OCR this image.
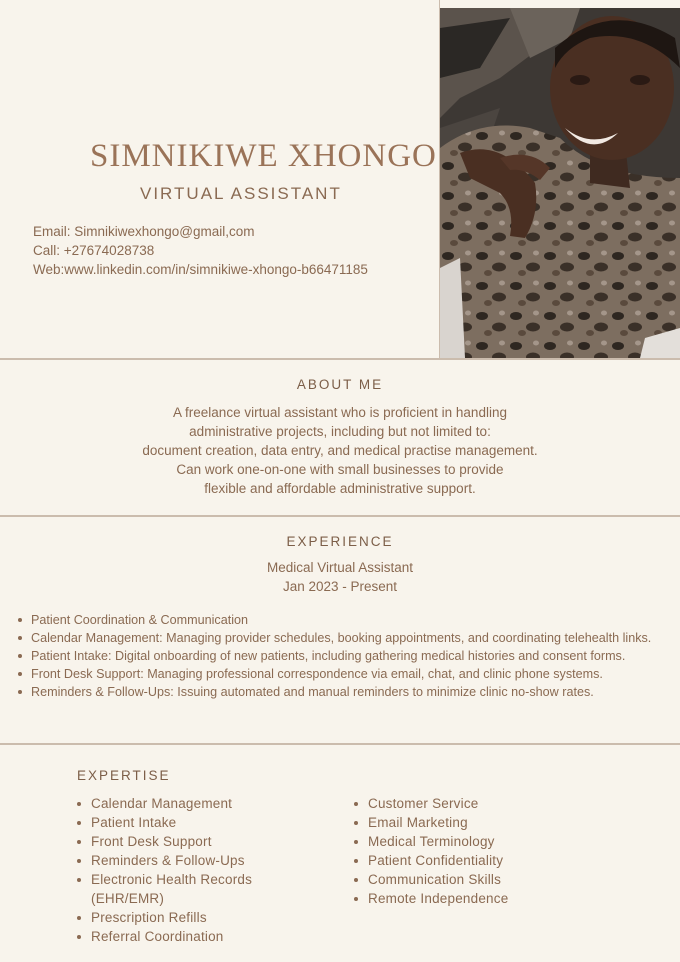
SIMNIKIWE XHONGO
VIRTUAL ASSISTANT
Email: Simnikiwexhongo@gmail,com
Call: +27674028738
Web:www.linkedin.com/in/simnikiwe-xhongo-b66471185
ABOUT ME
A freelance virtual assistant who is proficient in handling
administrative projects, including but not limited to:
document creation, data entry, and medical practise management.
Can work one-on-one with small businesses to provide
flexible and affordable administrative support.
EXPERIENCE
Medical Virtual Assistant
Jan 2023 - Present
Patient Coordination & Communication
Calendar Management: Managing provider schedules, booking appointments, and coordinating telehealth links.
Patient Intake: Digital onboarding of new patients, including gathering medical histories and consent forms.
Front Desk Support: Managing professional correspondence via email, chat, and clinic phone systems.
Reminders & Follow-Ups: Issuing automated and manual reminders to minimize clinic no-show rates.
EXPERTISE
Calendar Management
Patient Intake
Front Desk Support
Reminders & Follow-Ups
Electronic Health Records (EHR/EMR)
Prescription Refills
Referral Coordination
Customer Service
Email Marketing
Medical Terminology
Patient Confidentiality
Communication Skills
Remote Independence
